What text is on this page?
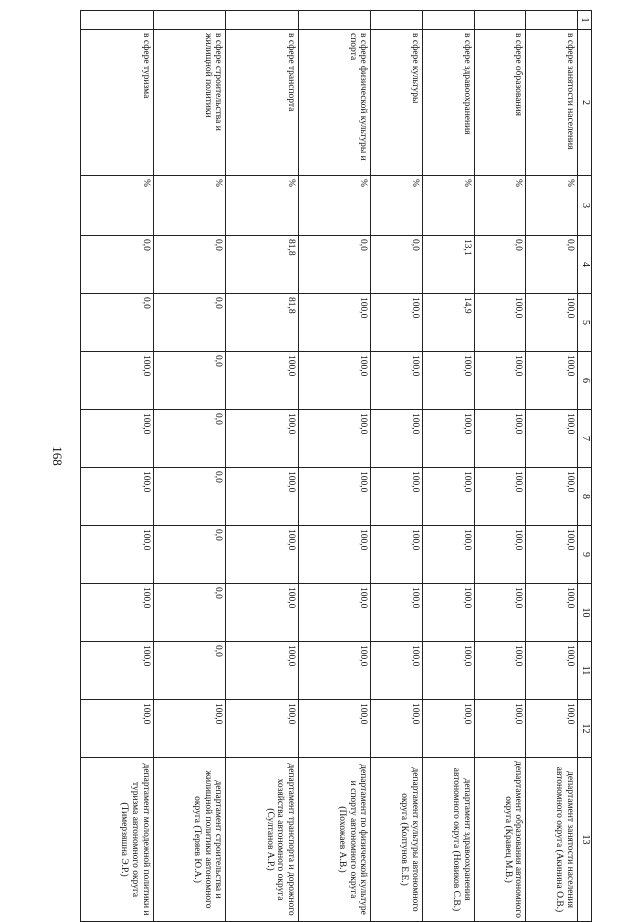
168
1	2	3	4	5	6	7	8	9	10	11	12	13
	в сфере занятости населения	%	0,0	100,0	100,0	100,0	100,0	100,0	100,0	100,0	100,0	департамент занятости населения автономного округа (Акинина О.В.)
	в сфере образования	%	0,0	100,0	100,0	100,0	100,0	100,0	100,0	100,0	100,0	департамент образования автономного округа (Кравец М.В.)
	в сфере здравоохранения	%	13,1	14,9	100,0	100,0	100,0	100,0	100,0	100,0	100,0	департамент здравоохранения автономного округа (Новиков С.В.)
	в сфере культуры	%	0,0	100,0	100,0	100,0	100,0	100,0	100,0	100,0	100,0	департамент культуры автономного округа (Колтунов Е.Е.)
	в сфере физической культуры и спорта	%	0,0	100,0	100,0	100,0	100,0	100,0	100,0	100,0	100,0	департамент по физической культуре и спорту автономного округа (Похожаев А.В.)
	в сфере транспорта	%	81,8	81,8	100,0	100,0	100,0	100,0	100,0	100,0	100,0	департамент транспорта и дорожного хозяйства автономного округа (Султанов А.Р.)
	в сфере строительства и жилищной политики	%	0,0	0,0	0,0	0,0	0,0	0,0	0,0	0,0	100,0	департамент строительства и жилищной политики автономного округа (Теряев Ю.А.)
	в сфере туризма	%	0,0	0,0	100,0	100,0	100,0	100,0	100,0	100,0	100,0	департамент молодежной политики и туризма автономного округа (Тимерзяшна Э.Р.)
